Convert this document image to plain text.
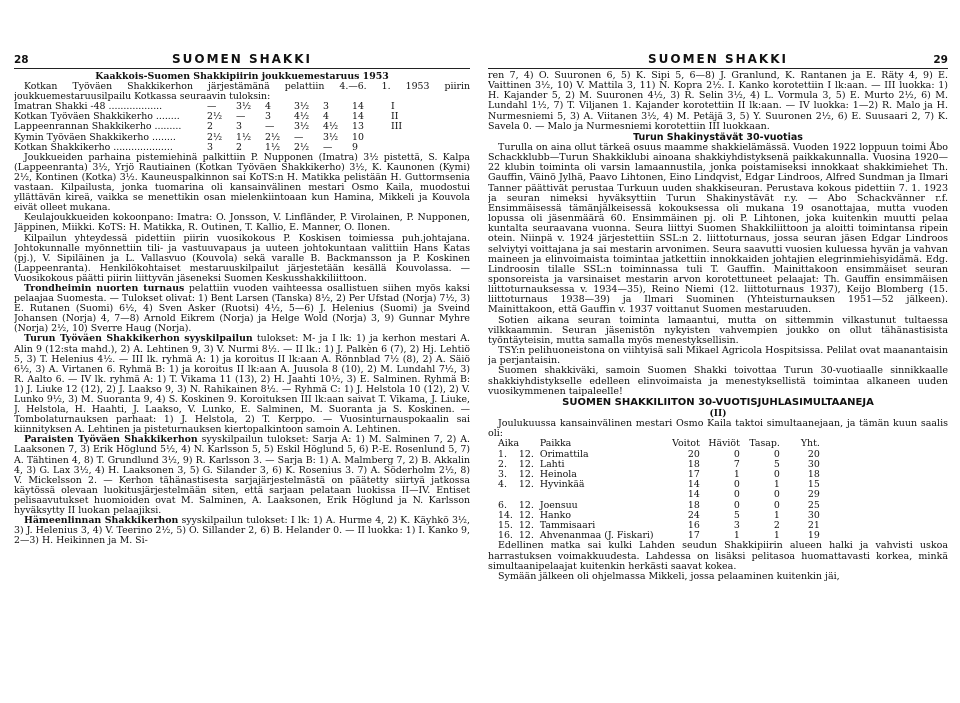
28	SUOMEN SHAKKI

Kaakkois-Suomen Shakkipiirin joukkuemestaruus 1953

Kotkan Työväen Shakkikerhon järjestämänä pelattiin 4.—6. 1. 1953 piirin joukkuemestaruusilpailu Kotkassa seuraavin tuloksin:

Imatran Shakki -48 ..................	—	3½	4	3½	3	14	I
Kotkan Työväen Shakkikerho ........	2½	—	3	4½	4	14	II
Lappeenrannan Shakkikerho .........	2	3	—	3½	4½	13	III
Kymin Työväen Shakkikerho ........	2½	1½	2½	—	3½	10	
Kotkan Shakkikerho ....................	3	2	1½	2½	—	9	

Joukkueiden parhaina pistemiehinä palkittiin P. Nupponen (Imatra) 3½ pistettä, S. Kalpa (Lappeenranta) 3½, Yrjö Rautiainen (Kotkan Työväen Shakkikerho) 3½, K. Kaunonen (Kymi) 2½, Kontinen (Kotka) 3½. Kauneuspalkinnon sai KoTS:n H. Matikka pelistään H. Guttormsenia vastaan. Kilpailusta, jonka tuomarina oli kansainvälinen mestari Osmo Kaila, muodostui yllättävän kireä, vaikka se menettikin osan mielenkiintoaan kun Hamina, Mikkeli ja Kouvola eivät olleet mukana.

Keulajoukkueiden kokoonpano: Imatra: O. Jonsson, V. Linfländer, P. Virolainen, P. Nupponen, Jäppinen, Miikki. KoTS: H. Matikka, R. Outinen, T. Kallio, E. Manner, O. Ilonen.

Kilpailun yhteydessä pidettiin piirin vuosikokous P. Koskisen toimiessa puh.johtajana. Johtokunnalle myönnettiin tili- ja vastuuvapaus ja uuteen johtokuntaan valittiin Hans Katas (pj.), V. Sipiläinen ja L. Vallasvuo (Kouvola) sekä varalle B. Backmansson ja P. Koskinen (Lappeenranta). Henkilökohtaiset mestaruuskilpailut järjestetään kesällä Kouvolassa. — Vuosikokous päätti piirin liittyvän jäseneksi Suomen Keskusshakkiliittoon.

Trondheimin nuorten turnaus pelattiin vuoden vaihteessa osallistuen siihen myös kaksi pelaajaa Suomesta. — Tulokset olivat: 1) Bent Larsen (Tanska) 8½, 2) Per Ufstad (Norja) 7½, 3) E. Rutanen (Suomi) 6½, 4) Sven Asker (Ruotsi) 4½, 5—6) J. Helenius (Suomi) ja Sveind Johansen (Norja) 4, 7—8) Arnold Eikrem (Norja) ja Helge Wold (Norja) 3, 9) Gunnar Myhre (Norja) 2½, 10) Sverre Haug (Norja).

Turun Työväen Shakkikerhon syyskilpailun tulokset: M- ja I lk: 1) ja kerhon mestari A. Alin 9 (12:sta mahd.), 2) A. Lehtinen 9, 3) V. Nurmi 8½. — II lk.: 1) J. Palkèn 6 (7), 2) Hj. Lehtiö 5, 3) T. Helenius 4½. — III lk. ryhmä A: 1) ja koroitus II lk:aan A. Rönnblad 7½ (8), 2) A. Säiö 6½, 3) A. Virtanen 6. Ryhmä B: 1) ja koroitus II lk:aan A. Juusola 8 (10), 2) M. Lundahl 7½, 3) R. Aalto 6. — IV lk. ryhmä A: 1) T. Vikama 11 (13), 2) H. Jaahti 10½, 3) E. Salminen. Ryhmä B: 1) J. Liuke 12 (12), 2) J. Laakso 9, 3) N. Rahikainen 8½. — Ryhmä C: 1) J. Helstola 10 (12), 2) V. Lunko 9½, 3) M. Suoranta 9, 4) S. Koskinen 9. Koroituksen III lk:aan saivat T. Vikama, J. Liuke, J. Helstola, H. Haahti, J. Laakso, V. Lunko, E. Salminen, M. Suoranta ja S. Koskinen. — Tombolaturnauksen parhaat: 1) J. Helstola, 2) T. Kerppo. — Vuosinturnauspokaalin sai kiinnityksen A. Lehtinen ja pisteturnauksen kiertopalkintoon samoin A. Lehtinen.

Paraisten Työväen Shakkikerhon syyskilpailun tulokset: Sarja A: 1) M. Salminen 7, 2) A. Laaksonen 7, 3) Erik Höglund 5½, 4) N. Karlsson 5, 5) Eskil Höglund 5, 6) P.-E. Rosenlund 5, 7) A. Tähtinen 4, 8) T. Grundlund 3½, 9) R. Karlsson 3. — Sarja B: 1) A. Malmberg 7, 2) B. Akkalin 4, 3) G. Lax 3½, 4) H. Laaksonen 3, 5) G. Silander 3, 6) K. Rosenius 3. 7) A. Söderholm 2½, 8) V. Mickelsson 2. — Kerhon tähänastisesta sarjajärjestelmästä on päätetty siirtyä jatkossa käytössä olevaan luokitusjärjestelmään siten, että sarjaan pelataan luokissa II—IV. Entiset pelisaavutukset huomioiden ovat M. Salminen, A. Laaksonen, Erik Höglund ja N. Karlsson hyväksytty II luokan pelaajiksi.

Hämeenlinnan Shakkikerhon syyskilpailun tulokset: I lk: 1) A. Hurme 4, 2) K. Käyhkö 3½, 3) J. Helenius 3, 4) V. Teerino 2½, 5) O. Sillander 2, 6) B. Helander 0. — II luokka: 1) I. Kanko 9, 2—3) H. Heikinnen ja M. Si-

SUOMEN SHAKKI	29

ren 7, 4) O. Suuronen 6, 5) K. Sipi 5, 6—8) J. Granlund, K. Rantanen ja E. Räty 4, 9) E. Vaittinen 3½, 10) V. Mattila 3, 11) N. Kopra 2½. I. Kanko korotettiin I lk:aan. — III luokka: 1) H. Kajander 5, 2) M. Suuronen 4½, 3) R. Selin 3½, 4) L. Vormula 3, 5) E. Murto 2½, 6) M. Lundahl 1½, 7) T. Viljanen 1. Kajander korotettiin II lk:aan. — IV luokka: 1—2) R. Malo ja H. Nurmesniemi 5, 3) A. Viitanen 3½, 4) M. Petäjä 3, 5) Y. Suuronen 2½, 6) E. Suusaari 2, 7) K. Savela 0. — Malo ja Nurmesniemi korotettiin III luokkaan.

Turun Shakinystävät 30-vuotias

Turulla on aina ollut tärkeä osuus maamme shakkielämässä. Vuoden 1922 loppuun toimi Åbo Schackklubb—Turun Shakkiklubi ainoana shakkiyhdistyksenä paikkakunnalla. Vuosina 1920—22 klubin toiminta oli varsin lamaannustila, jonka poistamiseksi innokkaat shakkimiehet Th. Gauffin, Väinö Jylhä, Paavo Lihtonen, Eino Lindqvist, Edgar Lindroos, Alfred Sundman ja Ilmari Tanner päättivät perustaa Turkuun uuden shakkiseuran. Perustava kokous pidettiin 7. 1. 1923 ja seuran nimeksi hyväksyttiin Turun Shakinystävät r.y. — Abo Schackvänner r.f. Ensimmäisessä tämänjälkeisessä kokouksessa oli mukana 19 osanottajaa, mutta vuoden lopussa oli jäsenmäärä 60. Ensimmäinen pj. oli P. Lihtonen, joka kuitenkin muutti pelaa kuntalta seuraavana vuonna. Seura liittyi Suomen Shakkiliittoon ja aloitti toimintansa ripein otein. Niinpä v. 1924 järjestettiin SSL:n 2. liittoturnaus, jossa seuran jäsen Edgar Lindroos selviytyi voittajana ja sai mestarin arvonimen. Seura saavutti vuosien kuluessa hyvän ja vahvan maineen ja elinvoimaista toimintaa jatkettiin innokkaiden johtajien elegrinmiehisyidämä. Edg. Lindroosin tilalle SSL:n toiminnassa tuli T. Gauffin. Mainittakoon ensimmäiset seuran sponsoreista ja varsinaiset mestarin arvon korotettuneet pelaajat: Th. Gauffin ensimmäisen liittoturnauksessa v. 1934—35), Reino Niemi (12. liittoturnaus 1937), Keijo Blomberg (15. liittoturnaus 1938—39) ja Ilmari Suominen (Yhteisturnauksen 1951—52 jälkeen). Mainittakoon, että Gauffin v. 1937 voittanut Suomen mestaruuden.

Sotien aikana seuran toiminta lamaantui, mutta on sittemmin vilkastunut tultaessa vilkkaammin. Seuran jäsenistön nykyisten vahvempien joukko on ollut tähänastisista työntäyteisin, mutta samalla myös menestyksellisin.

TSY:n pelihuoneistona on viihtyisä sali Mikael Agricola Hospitsissa. Pelilat ovat maanantaisin ja perjantaisin.

Suomen shakkiväki, samoin Suomen Shakki toivottaa Turun 30-vuotiaalle sinnikkaalle shakkiyhdistykselle edelleen elinvoimaista ja menestyksellistä toimintaa alkaneen uuden vuosikymmenen taipaleelle!

SUOMEN SHAKKILIITON 30-VUOTISJUHLASIMULTAANEJA

(II)

Joulukuussa kansainvälinen mestari Osmo Kaila taktoi simultaanejaan, ja tämän kuun saalis oli:

Aika		Paikka	Voitot	Häviöt	Tasap.	Yht.
1.	12.	Orimattila	20	0	0	20
2.	12.	Lahti	18	7	5	30
3.	12.	Heinola	17	1	0	18
4.	12.	Hyvinkää	14	0	1	15
			14	0	0	29
6.	12.	Joensuu	18	0	0	25
14.	12.	Hanko	24	5	1	30
15.	12.	Tammisaari	16	3	2	21
16.	12.	Ahvenanmaa (J. Fiskari)	17	1	1	19

Edellinen matka sai kulki Lahden seudun Shakkipiirin alueen halki ja vahvisti uskoa harrastuksen voimakkuudesta. Lahdessa on lisäksi pelitasoa huomattavasti korkea, minkä simultaanipelaajat kuitenkin herkästi saavat kokea.

Symään jälkeen oli ohjelmassa Mikkeli, jossa pelaaminen kuitenkin jäi,
